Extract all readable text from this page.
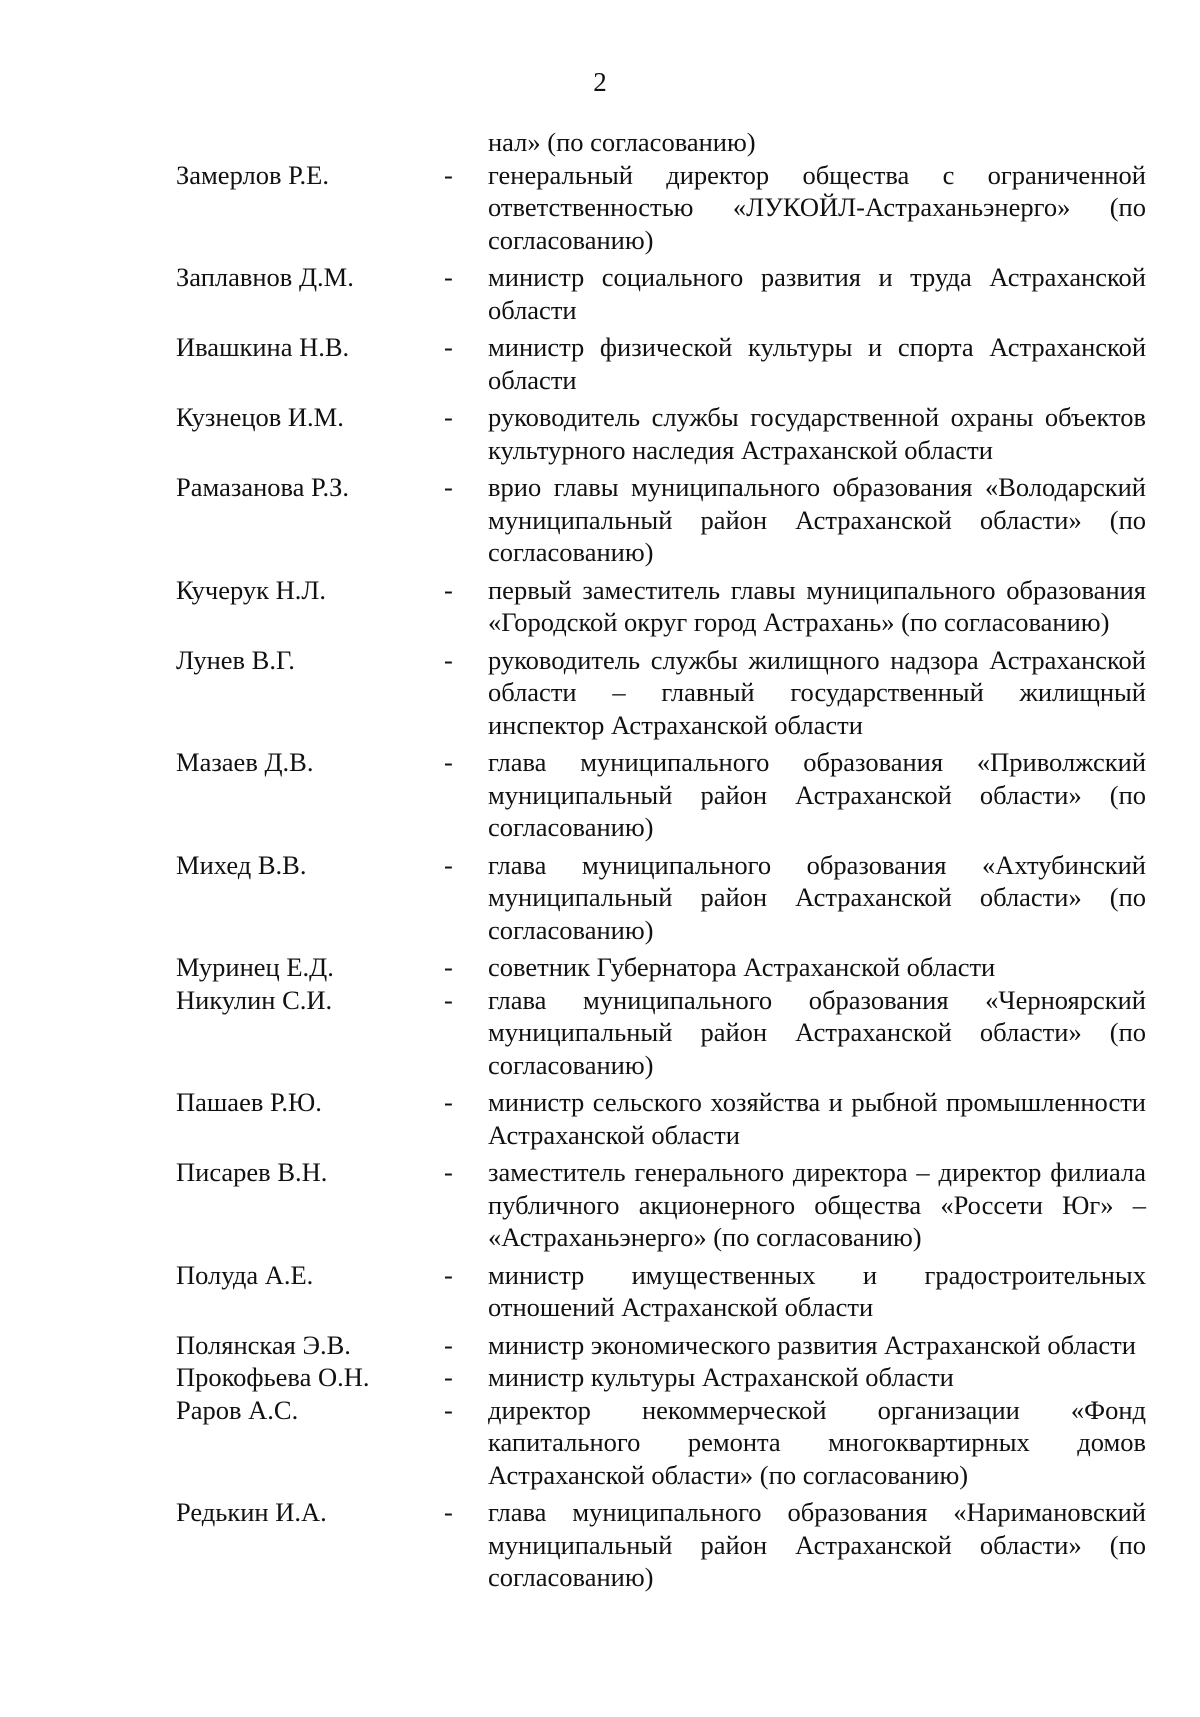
2
нал» (по согласованию)
Замерлов Р.Е.	-	генеральный директор общества с ограниченной ответственностью «ЛУКОЙЛ-Астраханьэнерго» (по согласованию)
Заплавнов Д.М.	-	министр социального развития и труда Астраханской области
Ивашкина Н.В.	-	министр физической культуры и спорта Астраханской области
Кузнецов И.М.	-	руководитель службы государственной охраны объектов культурного наследия Астраханской области
Рамазанова Р.З.	-	врио главы муниципального образования «Володарский муниципальный район Астраханской области» (по согласованию)
Кучерук Н.Л.	-	первый заместитель главы муниципального образования «Городской округ город Астрахань» (по согласованию)
Лунев В.Г.	-	руководитель службы жилищного надзора Астраханской области – главный государственный жилищный инспектор Астраханской области
Мазаев Д.В.	-	глава муниципального образования «Приволжский муниципальный район Астраханской области» (по согласованию)
Михед В.В.	-	глава муниципального образования «Ахтубинский муниципальный район Астраханской области» (по согласованию)
Муринец Е.Д.	-	советник Губернатора Астраханской области
Никулин С.И.	-	глава муниципального образования «Черноярский муниципальный район Астраханской области» (по согласованию)
Пашаев Р.Ю.	-	министр сельского хозяйства и рыбной промышленности Астраханской области
Писарев В.Н.	-	заместитель генерального директора – директор филиала публичного акционерного общества «Россети Юг» – «Астраханьэнерго» (по согласованию)
Полуда А.Е.	-	министр имущественных и градостроительных отношений Астраханской области
Полянская Э.В.	-	министр экономического развития Астраханской области
Прокофьева О.Н.	-	министр культуры Астраханской области
Раров А.С.	-	директор некоммерческой организации «Фонд капитального ремонта многоквартирных домов Астраханской области» (по согласованию)
Редькин И.А.	-	глава муниципального образования «Наримановский муниципальный район Астраханской области» (по согласованию)
